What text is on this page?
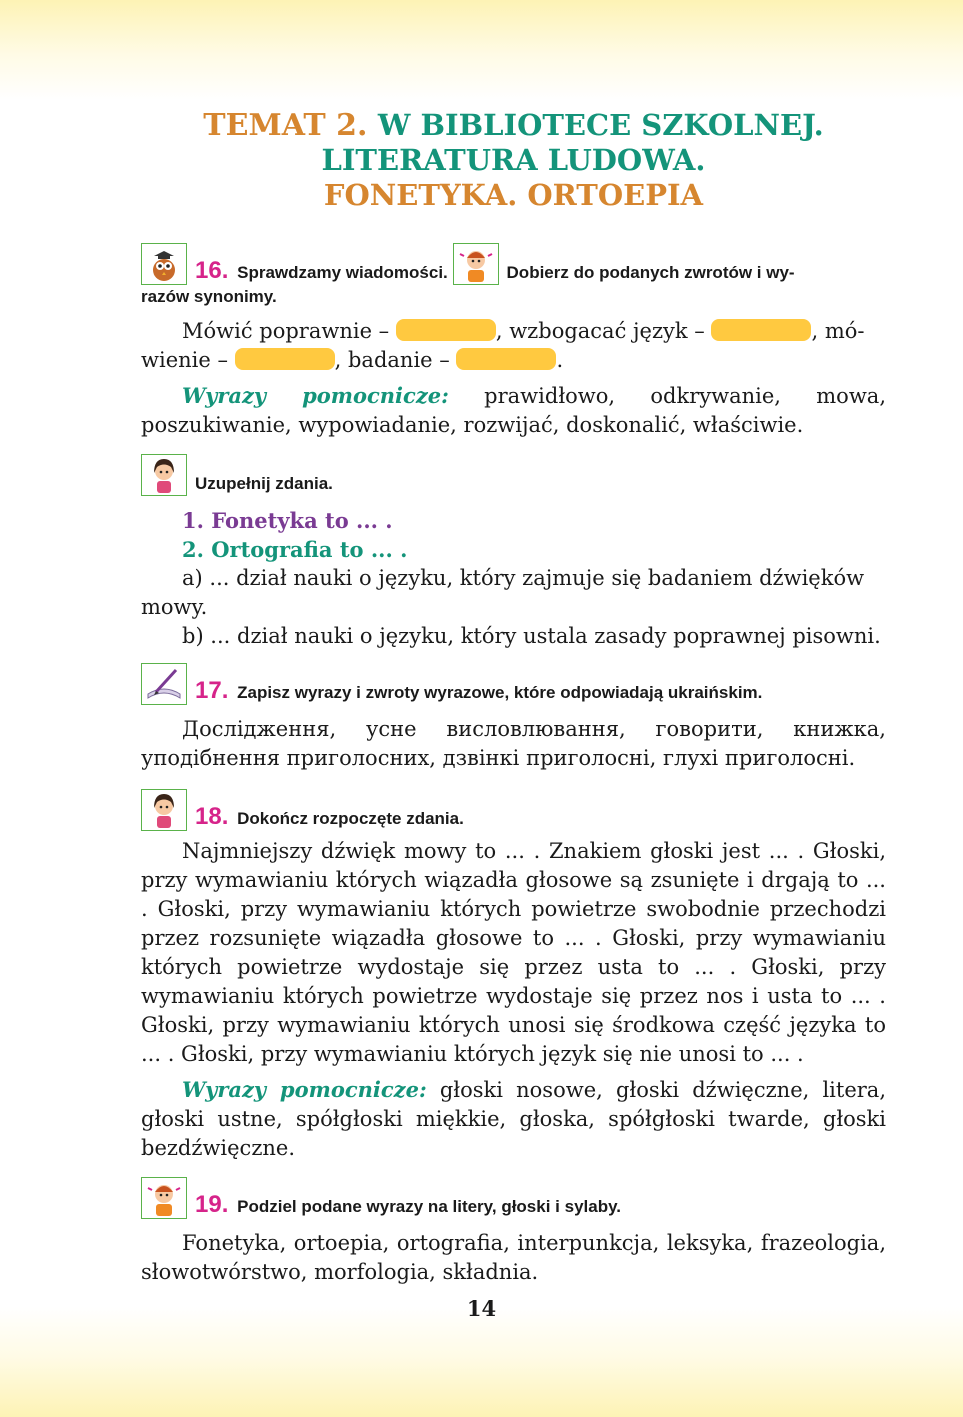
TEMAT 2. W BIBLIOTECE SZKOLNEJ.
LITERATURA LUDOWA.
FONETYKA. ORTOEPIA
16. Sprawdzamy wiadomości.	Dobierz do podanych zwrotów i wy-
razów synonimy.

Mówić poprawnie –	, wzbogacać język –	, mó-
wienie –	, badanie –	.

Wyrazy pomocnicze: prawidłowo, odkrywanie, mowa, poszukiwanie, wypowiadanie, rozwijać, doskonalić, właściwie.

Uzupełnij zdania.
1. Fonetyka to ... .
2. Ortografia to ... .

a) ... dział nauki o języku, który zajmuje się badaniem dźwięków mowy.

b) ... dział nauki o języku, który ustala zasady poprawnej pisowni.

17. Zapisz wyrazy i zwroty wyrazowe, które odpowiadają ukraińskim.

Дослідження, усне висловлювання, говорити, книжка, уподібнення приголосних, дзвінкі приголосні, глухі приголосні.

18. Dokończ rozpoczęte zdania.

Najmniejszy dźwięk mowy to ... . Znakiem głoski jest ... . Głoski, przy wymawianiu których wiązadła głosowe są zsunięte i drgają to ... . Głoski, przy wymawianiu których powietrze swobodnie przechodzi przez rozsunięte wiązadła głosowe to ... . Głoski, przy wymawianiu których powietrze wydostaje się przez usta to ... . Głoski, przy wymawianiu których powietrze wydostaje się przez nos i usta to ... . Głoski, przy wymawianiu których unosi się środkowa część języka to ... . Głoski, przy wymawianiu których język się nie unosi to ... .

Wyrazy pomocnicze: głoski nosowe, głoski dźwięczne, litera, głoski ustne, spółgłoski miękkie, głoska, spółgłoski twarde, głoski bezdźwięczne.

19. Podziel podane wyrazy na litery, głoski i sylaby.

Fonetyka, ortoepia, ortografia, interpunkcja, leksyka, frazeologia, słowotwórstwo, morfologia, składnia.

14
